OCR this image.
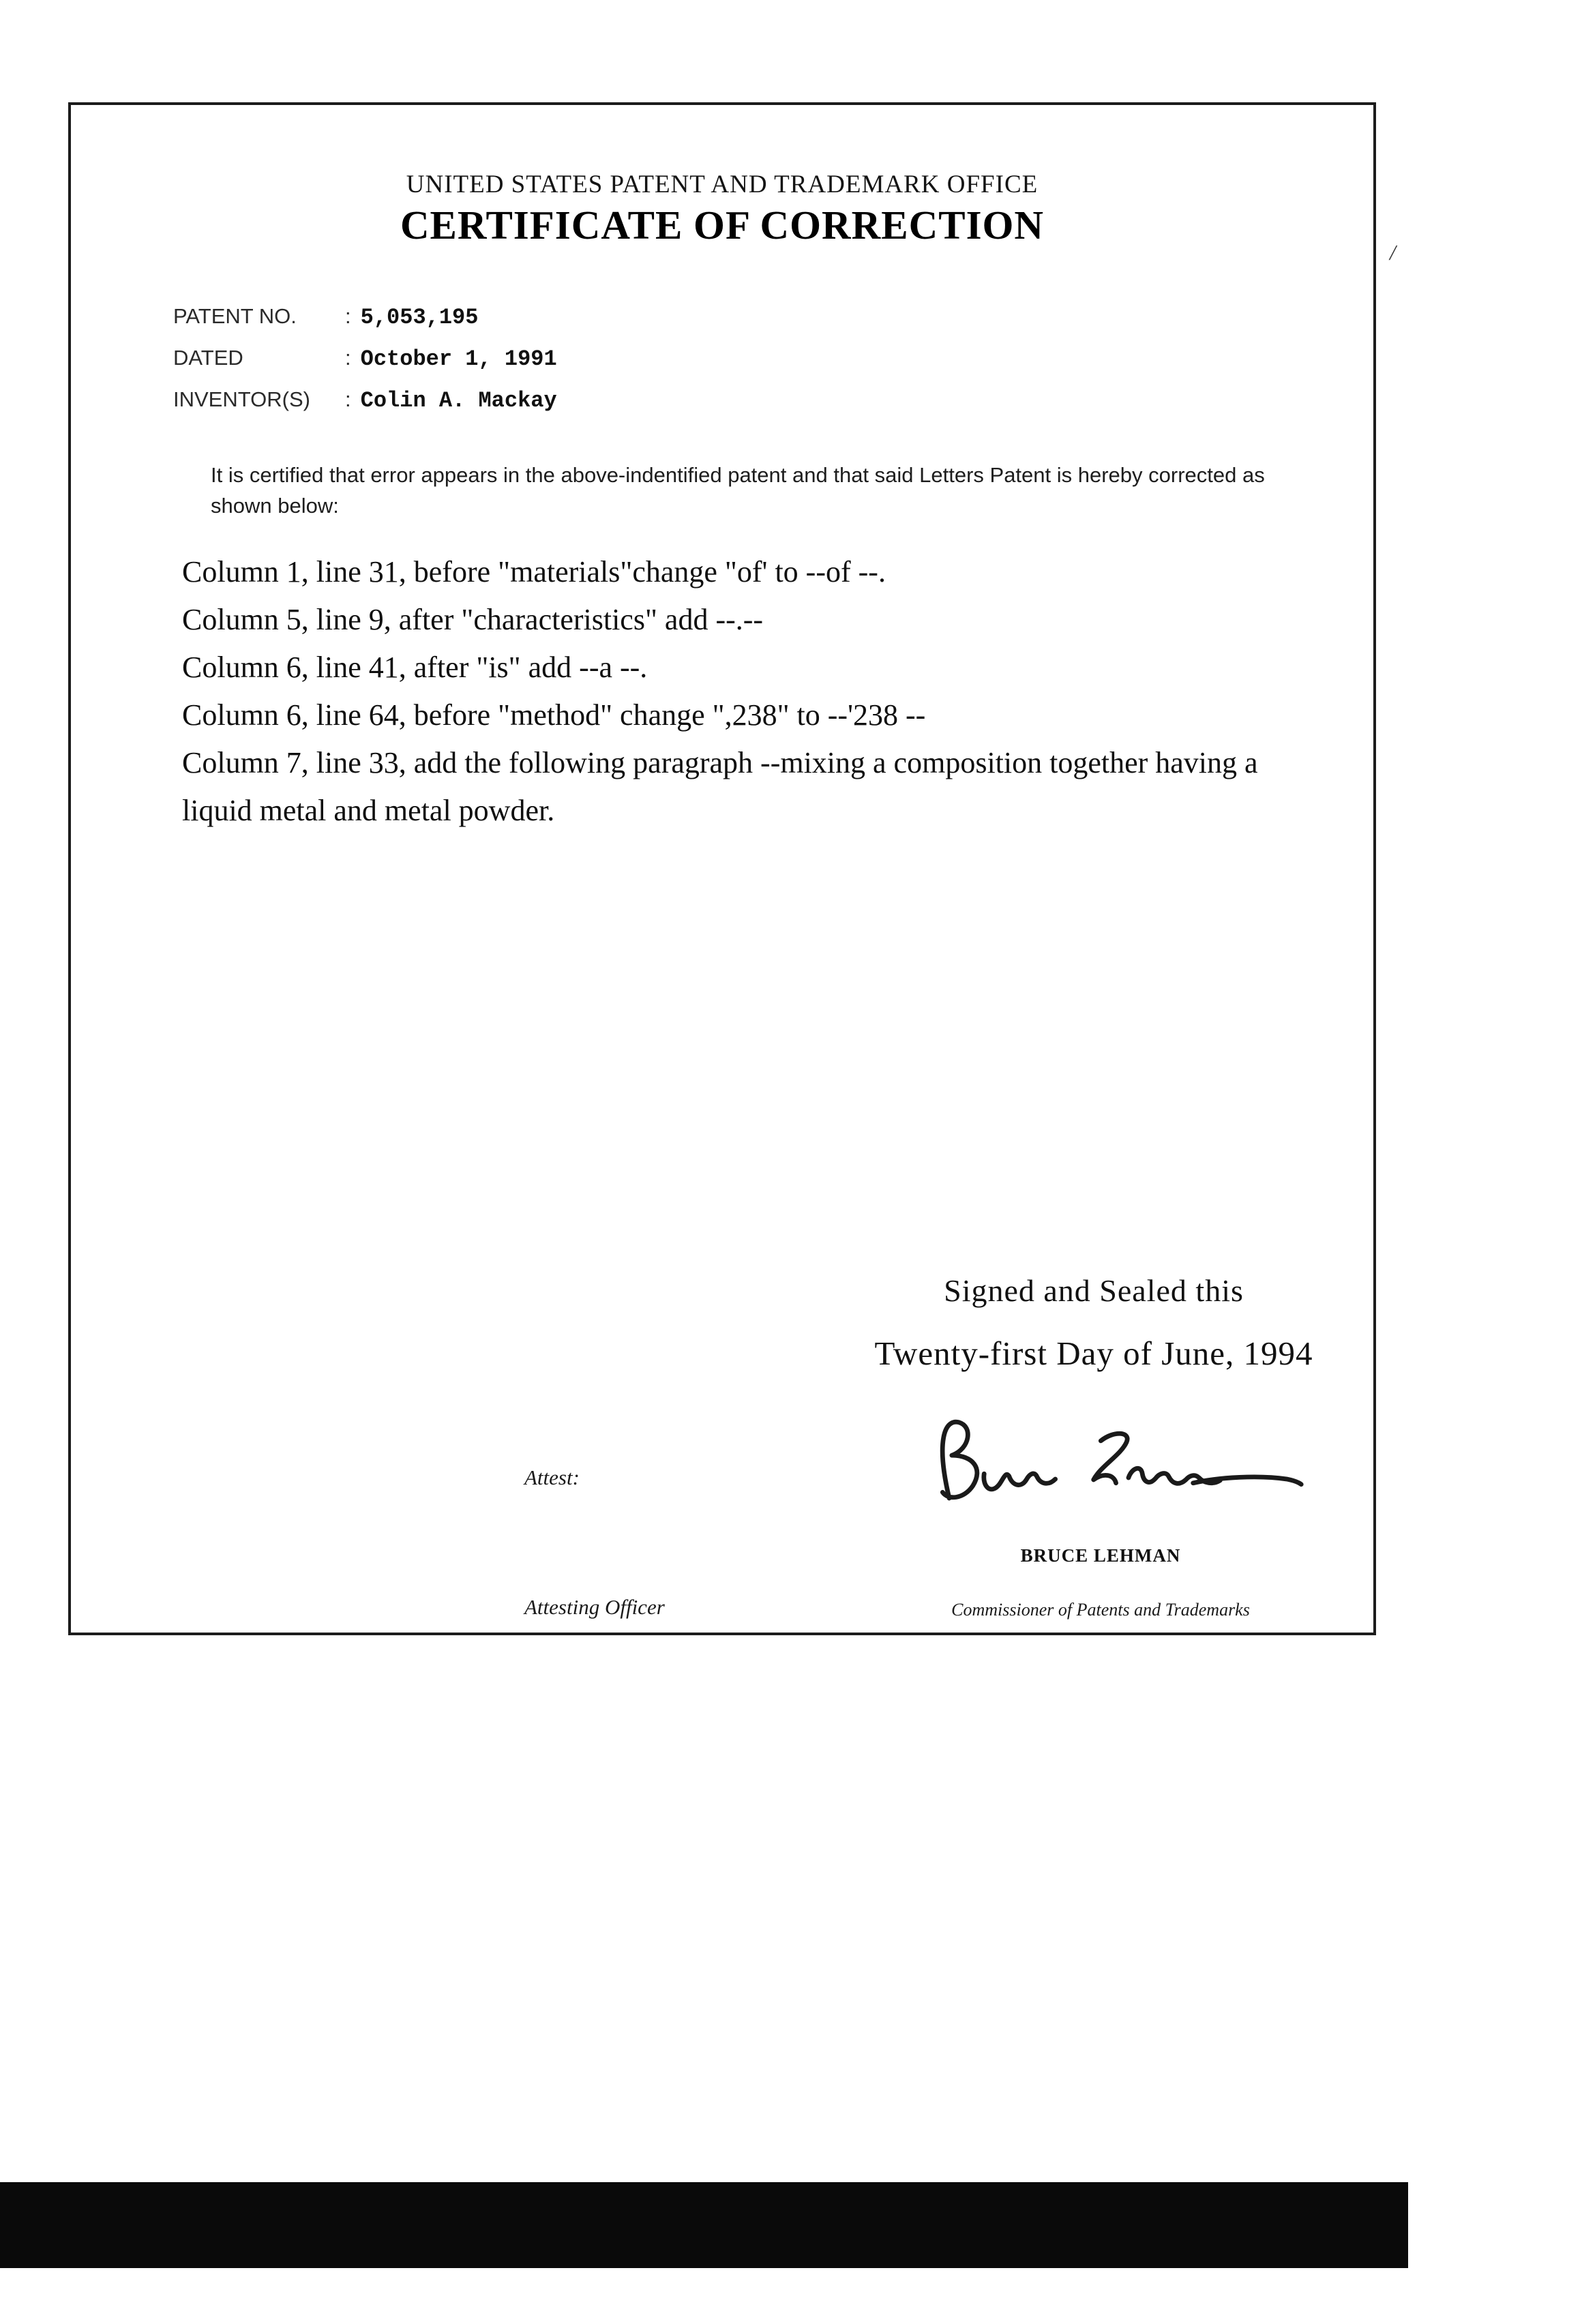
UNITED STATES PATENT AND TRADEMARK OFFICE
CERTIFICATE OF CORRECTION
PATENT NO.	: 5,053,195
DATED	: October 1, 1991
INVENTOR(S)	: Colin A. Mackay
It is certified that error appears in the above-indentified patent and that said Letters Patent is hereby corrected as shown below:
Column 1, line 31, before "materials"change "of' to --of --.
Column 5, line 9, after "characteristics" add --.--
Column 6, line 41, after "is" add --a --.
Column 6, line 64, before "method" change ",238" to --'238 --
Column 7, line 33, add the following paragraph --mixing a composition together having a liquid metal and metal powder.
Signed and Sealed this
Twenty-first Day of June, 1994
Attest:
BRUCE LEHMAN
Attesting Officer	Commissioner of Patents and Trademarks
/
